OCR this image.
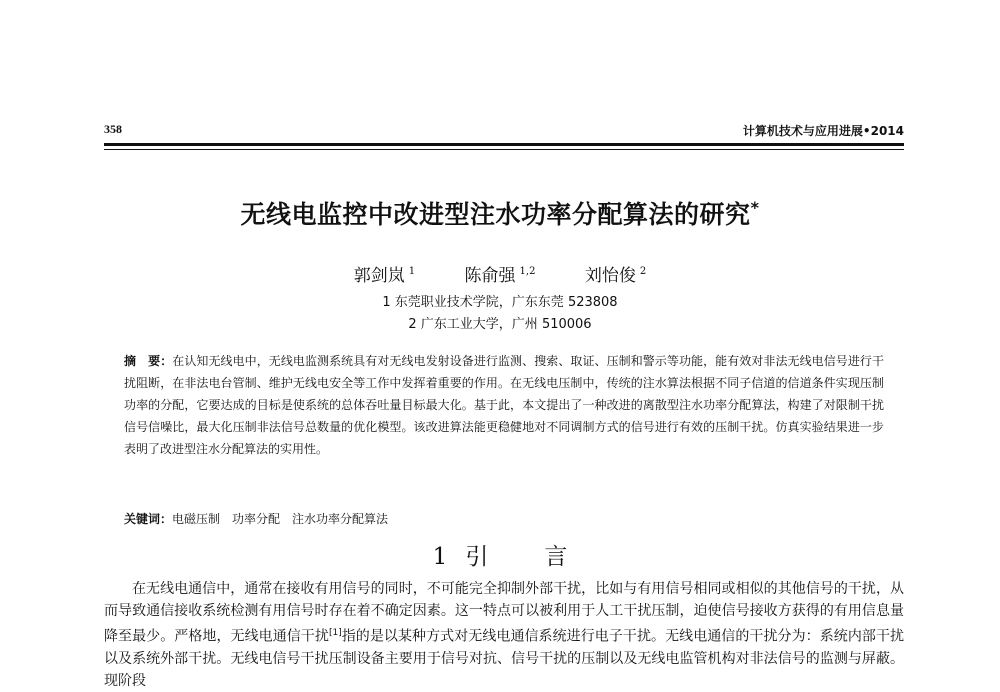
358	计算机技术与应用进展•2014
无线电监控中改进型注水功率分配算法的研究*
郭剑岚 $^1$	陈俞强 $^{1,2}$	刘怡俊 $^2$
1 东莞职业技术学院，广东东莞 523808
2 广东工业大学，广州 510006
摘　要：在认知无线电中，无线电监测系统具有对无线电发射设备进行监测、搜索、取证、压制和警示等功能，能有效对非法无线电信号进行干扰阻断，在非法电台管制、维护无线电安全等工作中发挥着重要的作用。在无线电压制中，传统的注水算法根据不同子信道的信道条件实现压制功率的分配，它要达成的目标是使系统的总体吞吐量目标最大化。基于此，本文提出了一种改进的离散型注水功率分配算法，构建了对限制干扰信号信噪比，最大化压制非法信号总数量的优化模型。该改进算法能更稳健地对不同调制方式的信号进行有效的压制干扰。仿真实验结果进一步表明了改进型注水分配算法的实用性。
关键词：电磁压制　功率分配　注水功率分配算法
1 引 言
在无线电通信中，通常在接收有用信号的同时，不可能完全抑制外部干扰，比如与有用信号相同或相似的其他信号的干扰，从而导致通信接收系统检测有用信号时存在着不确定因素。这一特点可以被利用于人工干扰压制，迫使信号接收方获得的有用信息量降至最少。严格地，无线电通信干扰[1]指的是以某种方式对无线电通信系统进行电子干扰。无线电通信的干扰分为：系统内部干扰以及系统外部干扰。无线电信号干扰压制设备主要用于信号对抗、信号干扰的压制以及无线电监管机构对非法信号的监测与屏蔽。现阶段
